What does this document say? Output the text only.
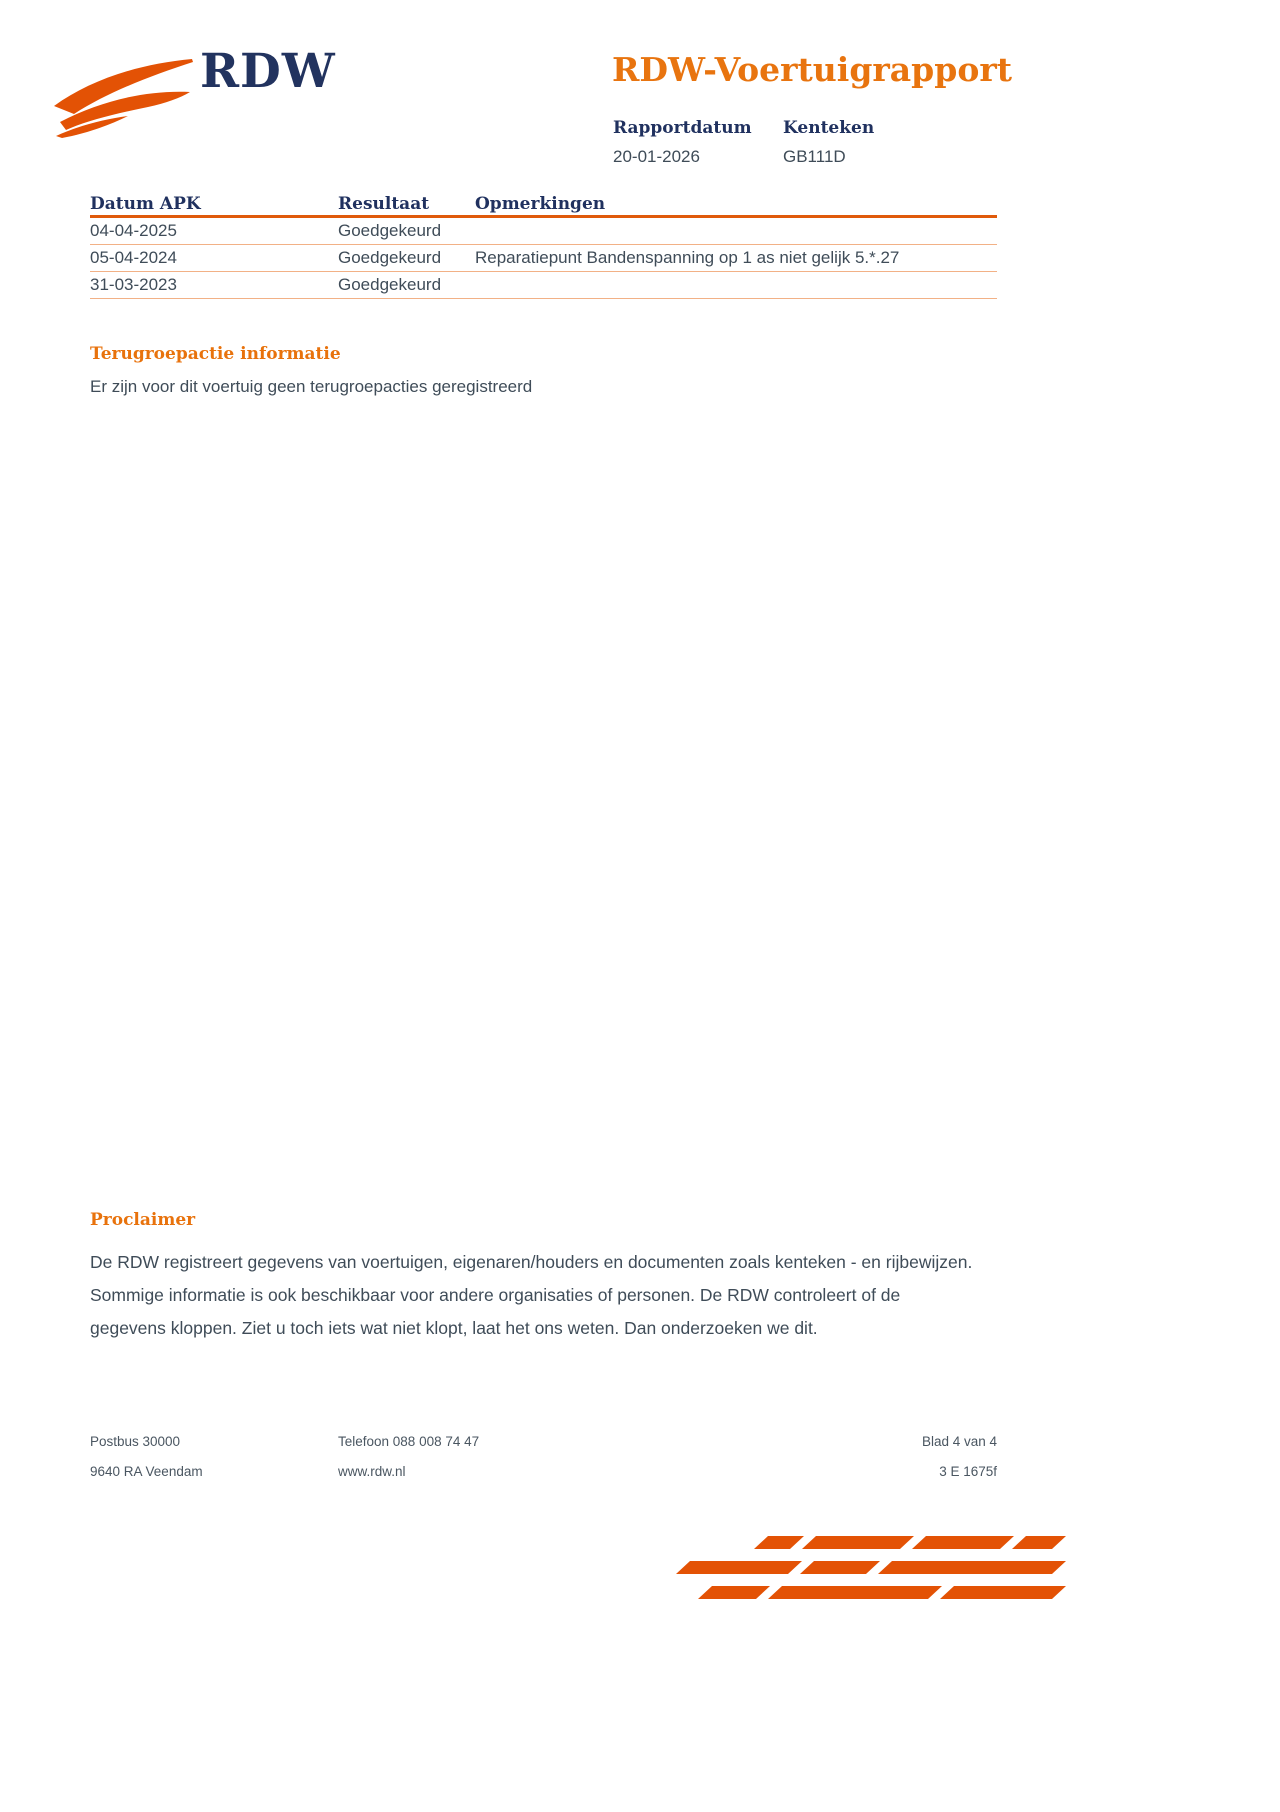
RDW	RDW-Voertuigrapport
Rapportdatum
20-01-2026
Kenteken
GB111D
Datum APK	Resultaat	Opmerkingen
04-04-2025	Goedgekeurd
05-04-2024	Goedgekeurd	Reparatiepunt Bandenspanning op 1 as niet gelijk 5.*.27
31-03-2023	Goedgekeurd
Terugroepactie informatie

Er zijn voor dit voertuig geen terugroepacties geregistreerd

Proclaimer

De RDW registreert gegevens van voertuigen, eigenaren/houders en documenten zoals kenteken - en rijbewijzen. Sommige informatie is ook beschikbaar voor andere organisaties of personen. De RDW controleert of de gegevens kloppen. Ziet u toch iets wat niet klopt, laat het ons weten. Dan onderzoeken we dit.

Postbus 30000	Telefoon 088 008 74 47	Blad 4 van 4
9640 RA Veendam	www.rdw.nl	3 E 1675f
